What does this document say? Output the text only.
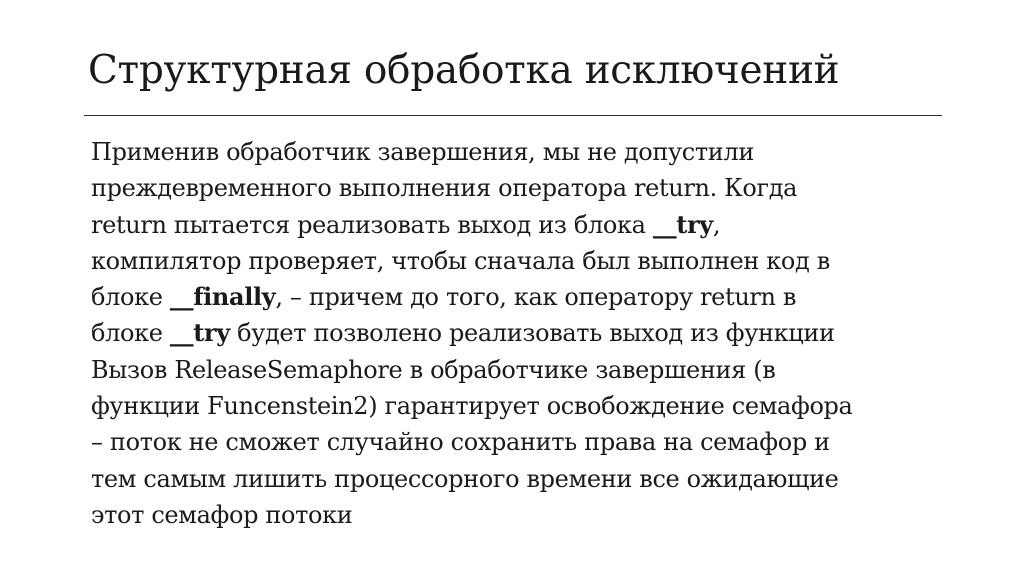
Структурная обработка исключений
Применив обработчик завершения, мы не допустили
преждевременного выполнения оператора return. Когда
return пытается реализовать выход из блока __try,
компилятор проверяет, чтобы сначала был выполнен код в
блоке __finally, – причем до того, как оператору return в
блоке __try будет позволено реализовать выход из функции
Вызов ReleaseSemaphore в обработчике завершения (в
функции Funcenstein2) гарантирует освобождение семафора
– поток не сможет случайно сохранить права на семафор и
тем самым лишить процессорного времени все ожидающие
этот семафор потоки
